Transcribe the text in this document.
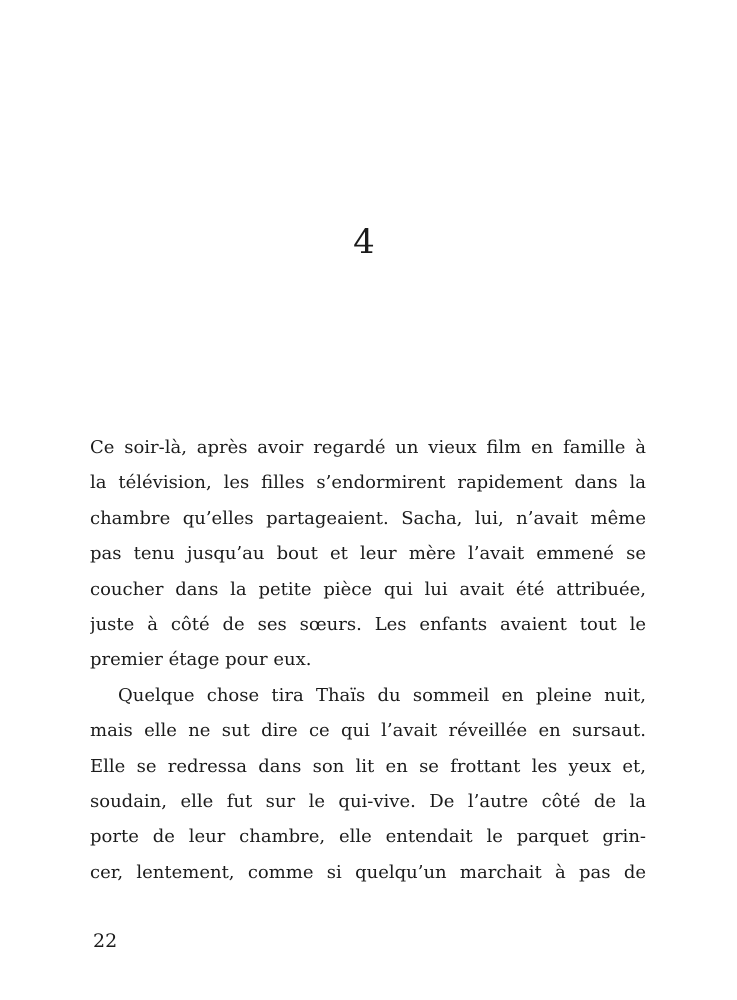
4
Ce soir-là, après avoir regardé un vieux film en famille à
la télévision, les filles s’endormirent rapidement dans la
chambre qu’elles partageaient. Sacha, lui, n’avait même
pas tenu jusqu’au bout et leur mère l’avait emmené se
coucher dans la petite pièce qui lui avait été attribuée,
juste à côté de ses sœurs. Les enfants avaient tout le
premier étage pour eux.
Quelque chose tira Thaïs du sommeil en pleine nuit,
mais elle ne sut dire ce qui l’avait réveillée en sursaut.
Elle se redressa dans son lit en se frottant les yeux et,
soudain, elle fut sur le qui-vive. De l’autre côté de la
porte de leur chambre, elle entendait le parquet grin-
cer, lentement, comme si quelqu’un marchait à pas de
22
